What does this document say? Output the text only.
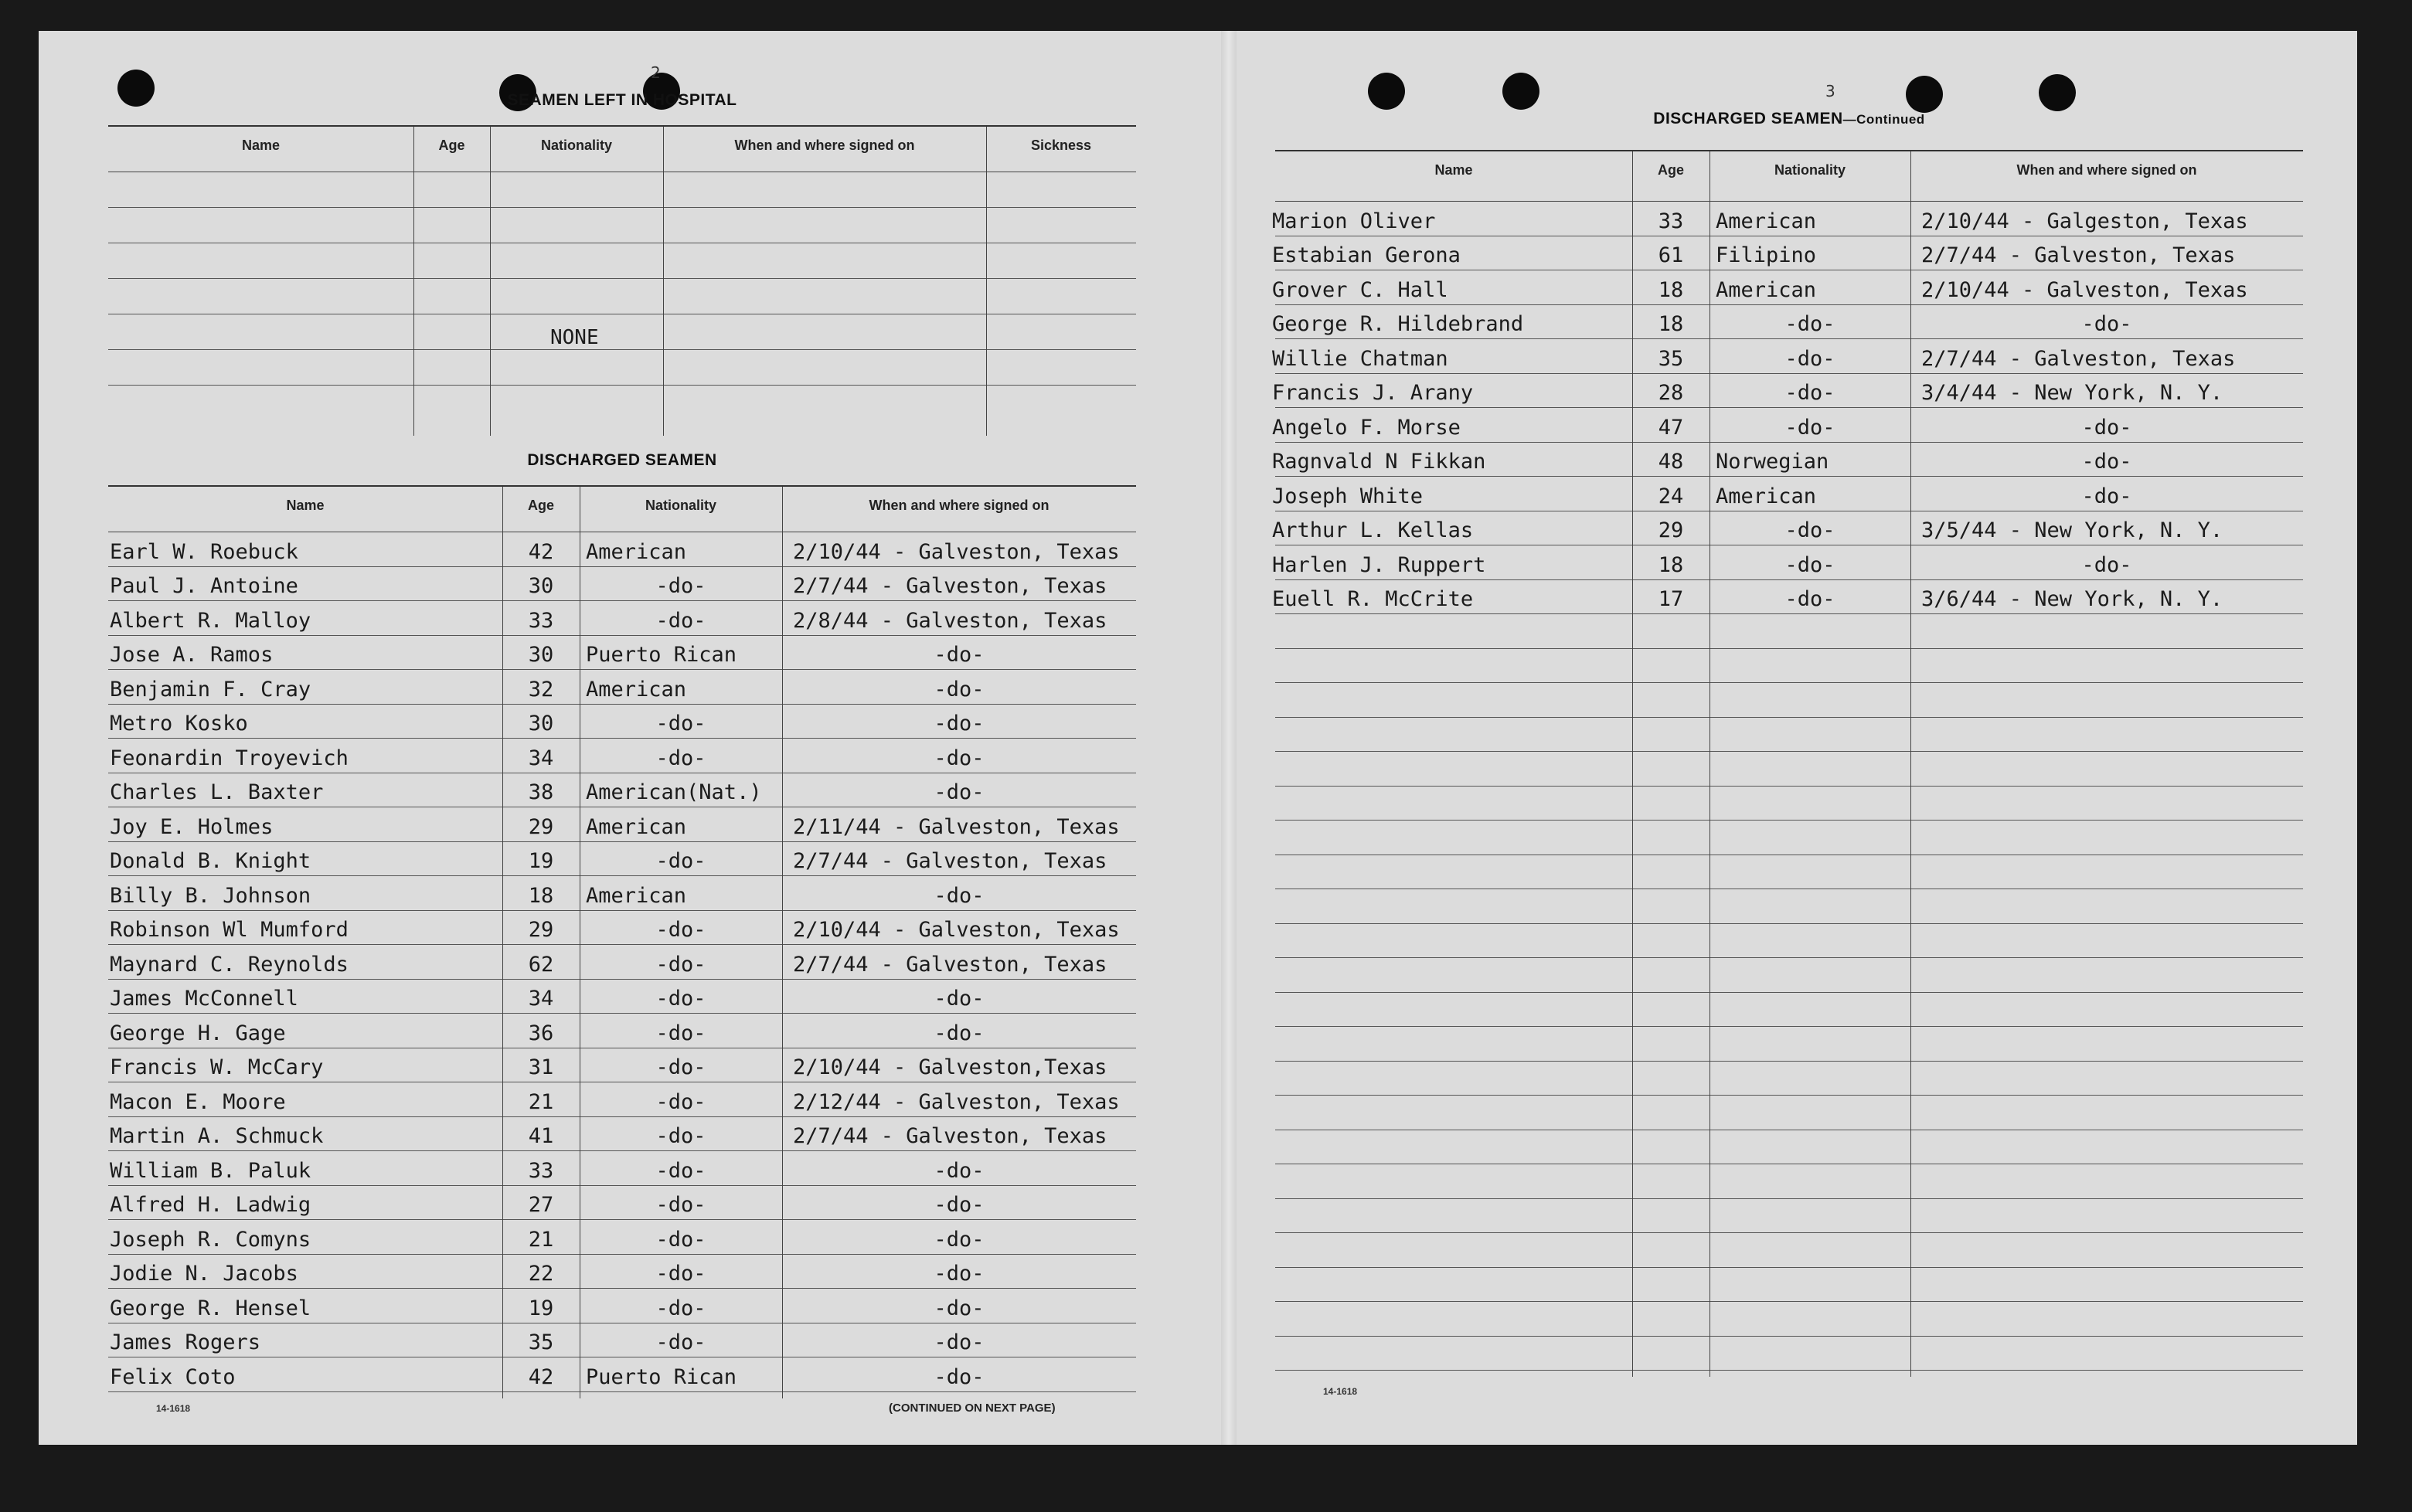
2
SEAMEN LEFT IN HOSPITAL
Name	Age	Nationality	When and where signed on	Sickness
NONE
DISCHARGED SEAMEN
Name	Age	Nationality	When and where signed on
Earl W. Roebuck	42	American	2/10/44 - Galveston, Texas
Paul J. Antoine	30	-do-	2/7/44 - Galveston, Texas
Albert R. Malloy	33	-do-	2/8/44 - Galveston, Texas
Jose A. Ramos	30	Puerto Rican	-do-
Benjamin F. Cray	32	American	-do-
Metro Kosko	30	-do-	-do-
Feonardin Troyevich	34	-do-	-do-
Charles L. Baxter	38	American(Nat.)	-do-
Joy E. Holmes	29	American	2/11/44 - Galveston, Texas
Donald B. Knight	19	-do-	2/7/44 - Galveston, Texas
Billy B. Johnson	18	American	-do-
Robinson Wl Mumford	29	-do-	2/10/44 - Galveston, Texas
Maynard C. Reynolds	62	-do-	2/7/44 - Galveston, Texas
James McConnell	34	-do-	-do-
George H. Gage	36	-do-	-do-
Francis W. McCary	31	-do-	2/10/44 - Galveston,Texas
Macon E. Moore	21	-do-	2/12/44 - Galveston, Texas
Martin A. Schmuck	41	-do-	2/7/44 - Galveston, Texas
William B. Paluk	33	-do-	-do-
Alfred H. Ladwig	27	-do-	-do-
Joseph R. Comyns	21	-do-	-do-
Jodie N. Jacobs	22	-do-	-do-
George R. Hensel	19	-do-	-do-
James Rogers	35	-do-	-do-
Felix Coto	42	Puerto Rican	-do-
14-1618	(CONTINUED ON NEXT PAGE)
3
DISCHARGED SEAMEN—Continued
Name	Age	Nationality	When and where signed on
Marion Oliver	33	American	2/10/44 - Galgeston, Texas
Estabian Gerona	61	Filipino	2/7/44 - Galveston, Texas
Grover C. Hall	18	American	2/10/44 - Galveston, Texas
George R. Hildebrand	18	-do-	-do-
Willie Chatman	35	-do-	2/7/44 - Galveston, Texas
Francis J. Arany	28	-do-	3/4/44 - New York, N. Y.
Angelo F. Morse	47	-do-	-do-
Ragnvald N Fikkan	48	Norwegian	-do-
Joseph White	24	American	-do-
Arthur L. Kellas	29	-do-	3/5/44 - New York, N. Y.
Harlen J. Ruppert	18	-do-	-do-
Euell R. McCrite	17	-do-	3/6/44 - New York, N. Y.
14-1618
